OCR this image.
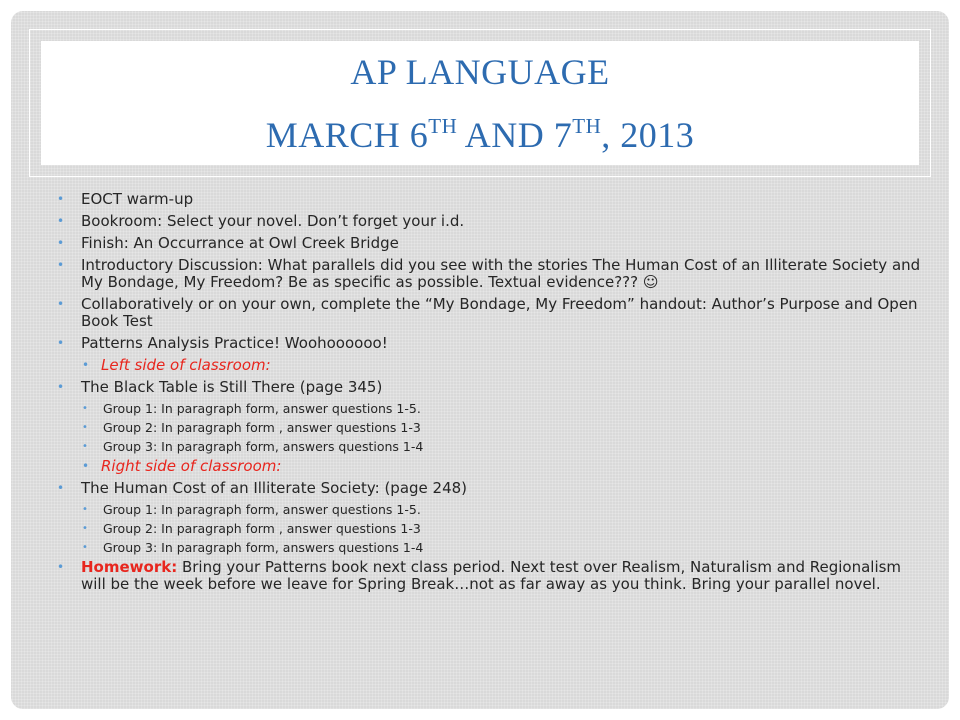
AP LANGUAGE
MARCH 6TH AND 7TH, 2013
• EOCT warm-up
• Bookroom: Select your novel. Don’t forget your i.d.
• Finish: An Occurrance at Owl Creek Bridge
• Introductory Discussion: What parallels did you see with the stories The Human Cost of an Illiterate Society and My Bondage, My Freedom? Be as specific as possible. Textual evidence??? ☺
• Collaboratively or on your own, complete the “My Bondage, My Freedom” handout: Author’s Purpose and Open Book Test
• Patterns Analysis Practice! Woohoooooo!
• Left side of classroom:
• The Black Table is Still There (page 345)
• Group 1: In paragraph form, answer questions 1-5.
• Group 2: In paragraph form , answer questions 1-3
• Group 3: In paragraph form, answers questions 1-4
• Right side of classroom:
• The Human Cost of an Illiterate Society: (page 248)
• Group 1: In paragraph form, answer questions 1-5.
• Group 2: In paragraph form , answer questions 1-3
• Group 3: In paragraph form, answers questions 1-4
• Homework: Bring your Patterns book next class period. Next test over Realism, Naturalism and Regionalism will be the week before we leave for Spring Break…not as far away as you think. Bring your parallel novel.
